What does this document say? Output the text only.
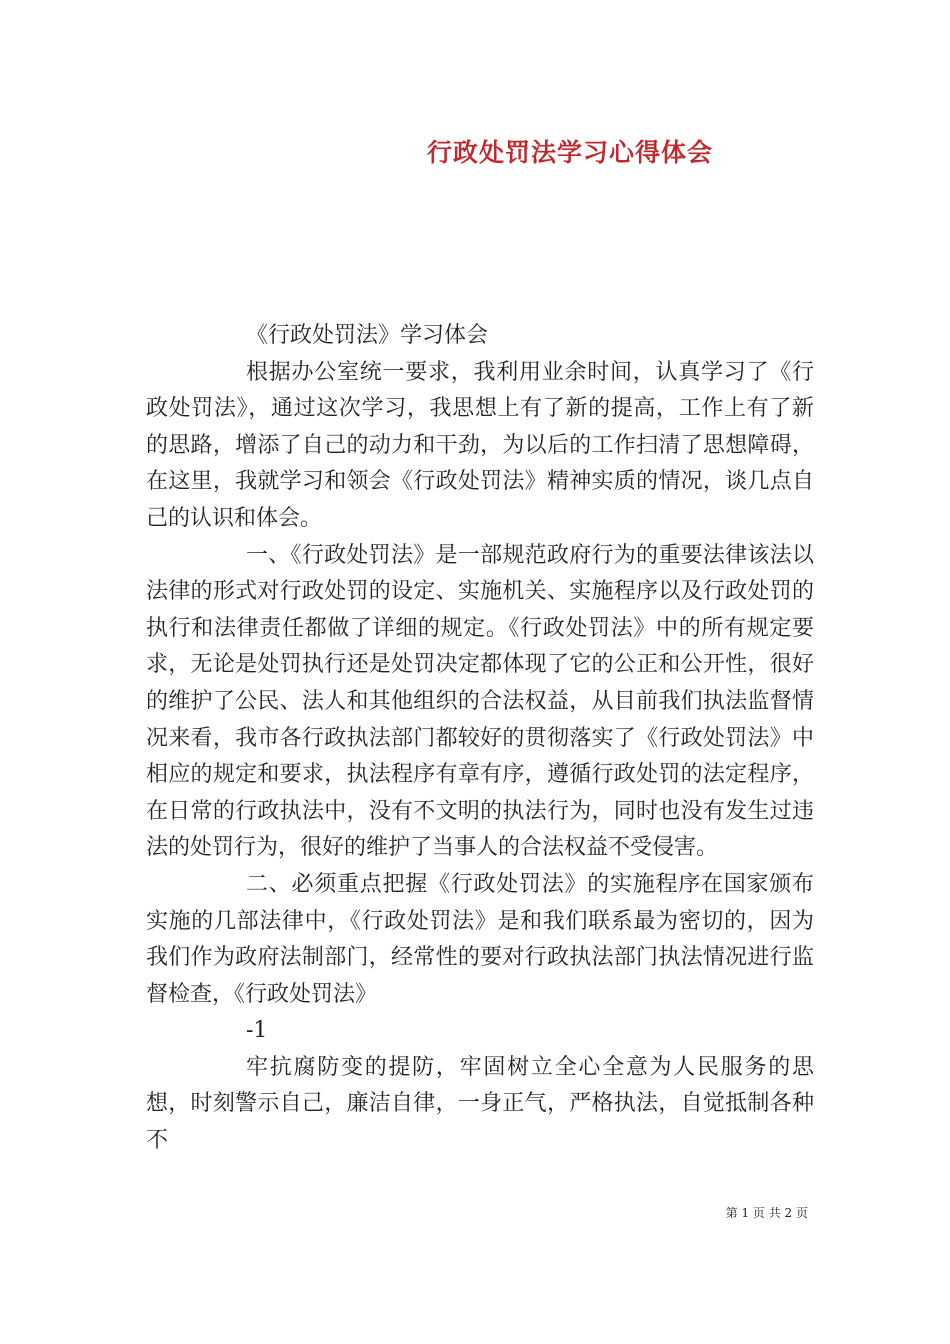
行政处罚法学习心得体会

《行政处罚法》学习体会

根据办公室统一要求，我利用业余时间，认真学习了《行政处罚法》，通过这次学习，我思想上有了新的提高，工作上有了新的思路，增添了自己的动力和干劲，为以后的工作扫清了思想障碍，在这里，我就学习和领会《行政处罚法》精神实质的情况，谈几点自己的认识和体会。

一、《行政处罚法》是一部规范政府行为的重要法律该法以法律的形式对行政处罚的设定、实施机关、实施程序以及行政处罚的执行和法律责任都做了详细的规定。《行政处罚法》中的所有规定要求，无论是处罚执行还是处罚决定都体现了它的公正和公开性，很好的维护了公民、法人和其他组织的合法权益，从目前我们执法监督情况来看，我市各行政执法部门都较好的贯彻落实了《行政处罚法》中相应的规定和要求，执法程序有章有序，遵循行政处罚的法定程序，在日常的行政执法中，没有不文明的执法行为，同时也没有发生过违法的处罚行为，很好的维护了当事人的合法权益不受侵害。

二、必须重点把握《行政处罚法》的实施程序在国家颁布实施的几部法律中，《行政处罚法》是和我们联系最为密切的，因为我们作为政府法制部门，经常性的要对行政执法部门执法情况进行监督检查，《行政处罚法》

-1

牢抗腐防变的提防，牢固树立全心全意为人民服务的思想，时刻警示自己，廉洁自律，一身正气，严格执法，自觉抵制各种不

第 1 页 共 2 页
